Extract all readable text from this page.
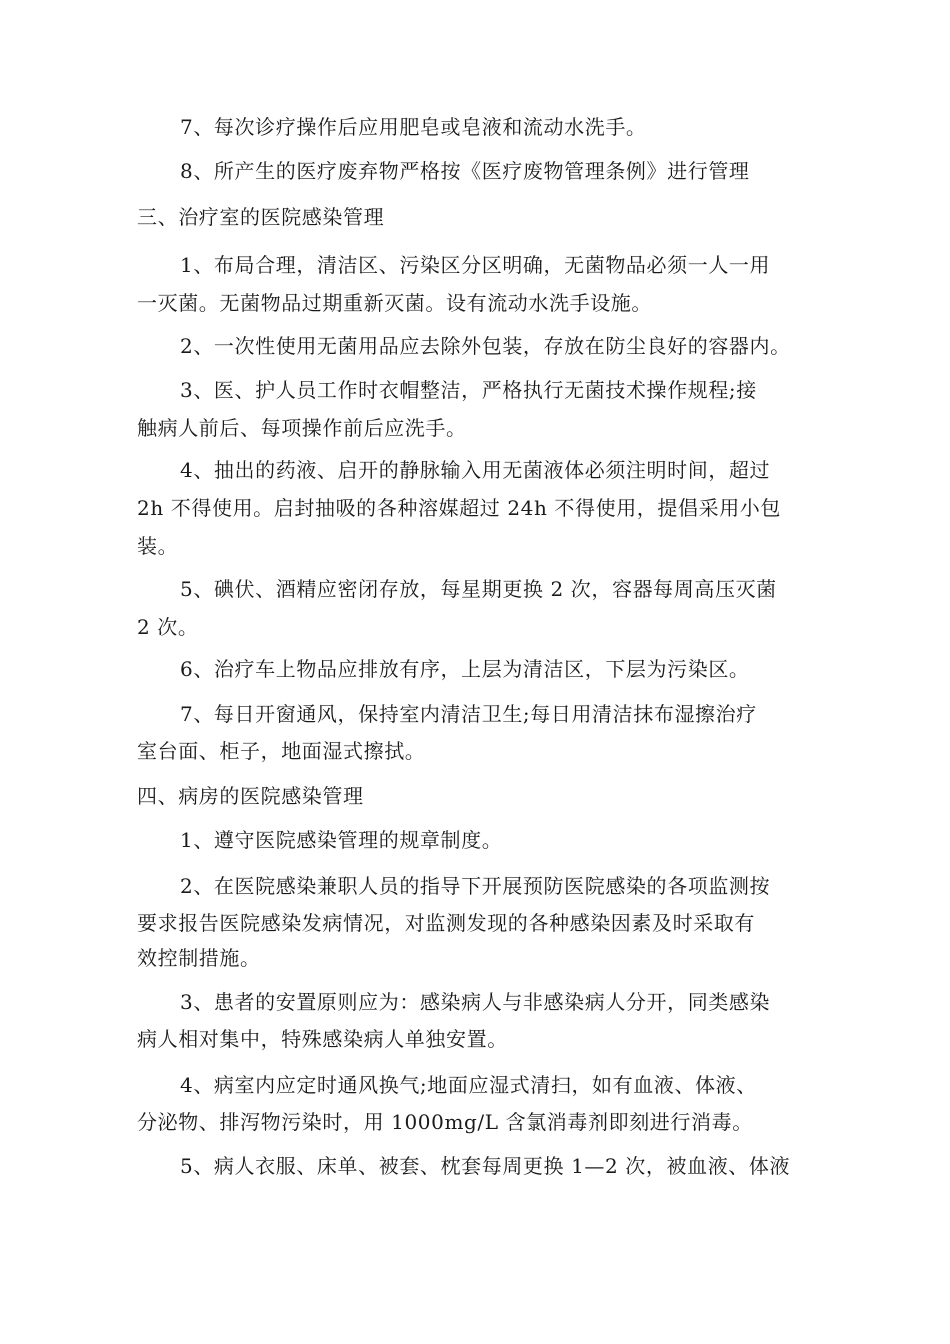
7、每次诊疗操作后应用肥皂或皂液和流动水洗手。
8、所产生的医疗废弃物严格按《医疗废物管理条例》进行管理
三、治疗室的医院感染管理
1、布局合理，清洁区、污染区分区明确，无菌物品必须一人一用
一灭菌。无菌物品过期重新灭菌。设有流动水洗手设施。
2、一次性使用无菌用品应去除外包装，存放在防尘良好的容器内。
3、医、护人员工作时衣帽整洁，严格执行无菌技术操作规程;接
触病人前后、每项操作前后应洗手。
4、抽出的药液、启开的静脉输入用无菌液体必须注明时间，超过
2h 不得使用。启封抽吸的各种溶媒超过 24h 不得使用，提倡采用小包
装。
5、碘伏、酒精应密闭存放，每星期更换 2 次，容器每周高压灭菌
2 次。
6、治疗车上物品应排放有序，上层为清洁区，下层为污染区。
7、每日开窗通风，保持室内清洁卫生;每日用清洁抹布湿擦治疗
室台面、柜子，地面湿式擦拭。
四、病房的医院感染管理
1、遵守医院感染管理的规章制度。
2、在医院感染兼职人员的指导下开展预防医院感染的各项监测按
要求报告医院感染发病情况，对监测发现的各种感染因素及时采取有
效控制措施。
3、患者的安置原则应为：感染病人与非感染病人分开，同类感染
病人相对集中，特殊感染病人单独安置。
4、病室内应定时通风换气;地面应湿式清扫，如有血液、体液、
分泌物、排泻物污染时，用 1000mg/L 含氯消毒剂即刻进行消毒。
5、病人衣服、床单、被套、枕套每周更换 1—2 次，被血液、体液
